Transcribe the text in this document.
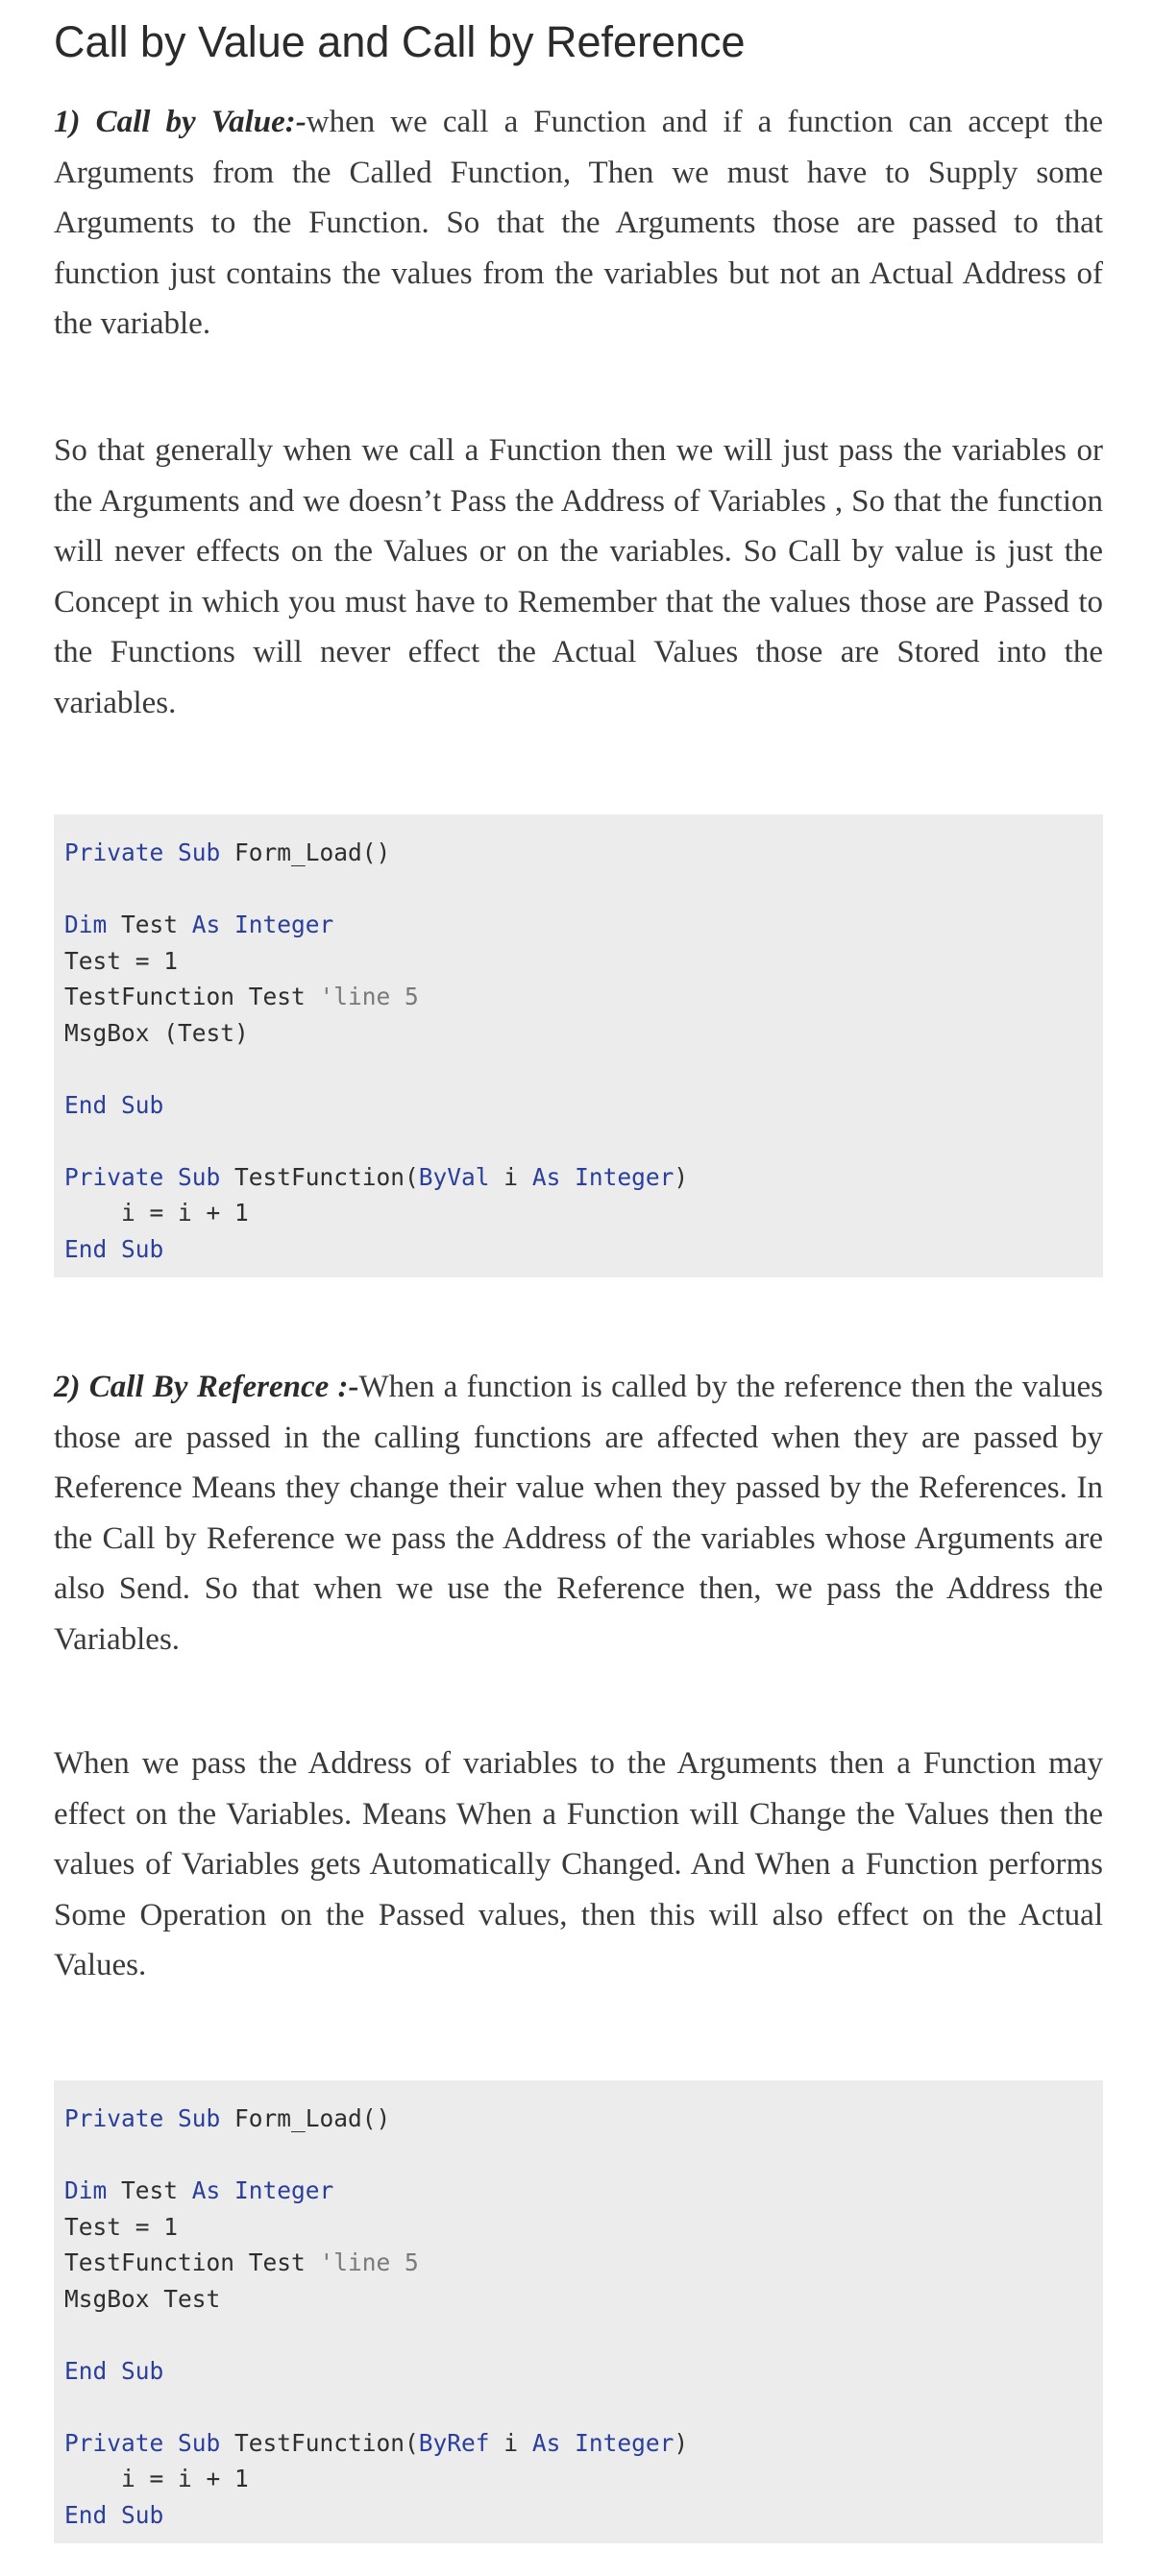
Call by Value and Call by Reference

1) Call by Value:-when we call a Function and if a function can accept the Arguments from the Called Function, Then we must have to Supply some Arguments to the Function. So that the Arguments those are passed to that function just contains the values from the variables but not an Actual Address of the variable.

So that generally when we call a Function then we will just pass the variables or the Arguments and we doesn’t Pass the Address of Variables , So that the function will never effects on the Values or on the variables. So Call by value is just the Concept in which you must have to Remember that the values those are Passed to the Functions will never effect the Actual Values those are Stored into the variables.

Private Sub Form_Load()
Dim Test As Integer
Test = 1
TestFunction Test 'line 5
MsgBox (Test)
End Sub
Private Sub TestFunction(ByVal i As Integer)
i = i + 1
End Sub

2) Call By Reference :-When a function is called by the reference then the values those are passed in the calling functions are affected when they are passed by Reference Means they change their value when they passed by the References. In the Call by Reference we pass the Address of the variables whose Arguments are also Send. So that when we use the Reference then, we pass the Address the Variables.

When we pass the Address of variables to the Arguments then a Function may effect on the Variables. Means When a Function will Change the Values then the values of Variables gets Automatically Changed. And When a Function performs Some Operation on the Passed values, then this will also effect on the Actual Values.

Private Sub Form_Load()
Dim Test As Integer
Test = 1
TestFunction Test 'line 5
MsgBox Test
End Sub
Private Sub TestFunction(ByRef i As Integer)
i = i + 1
End Sub
